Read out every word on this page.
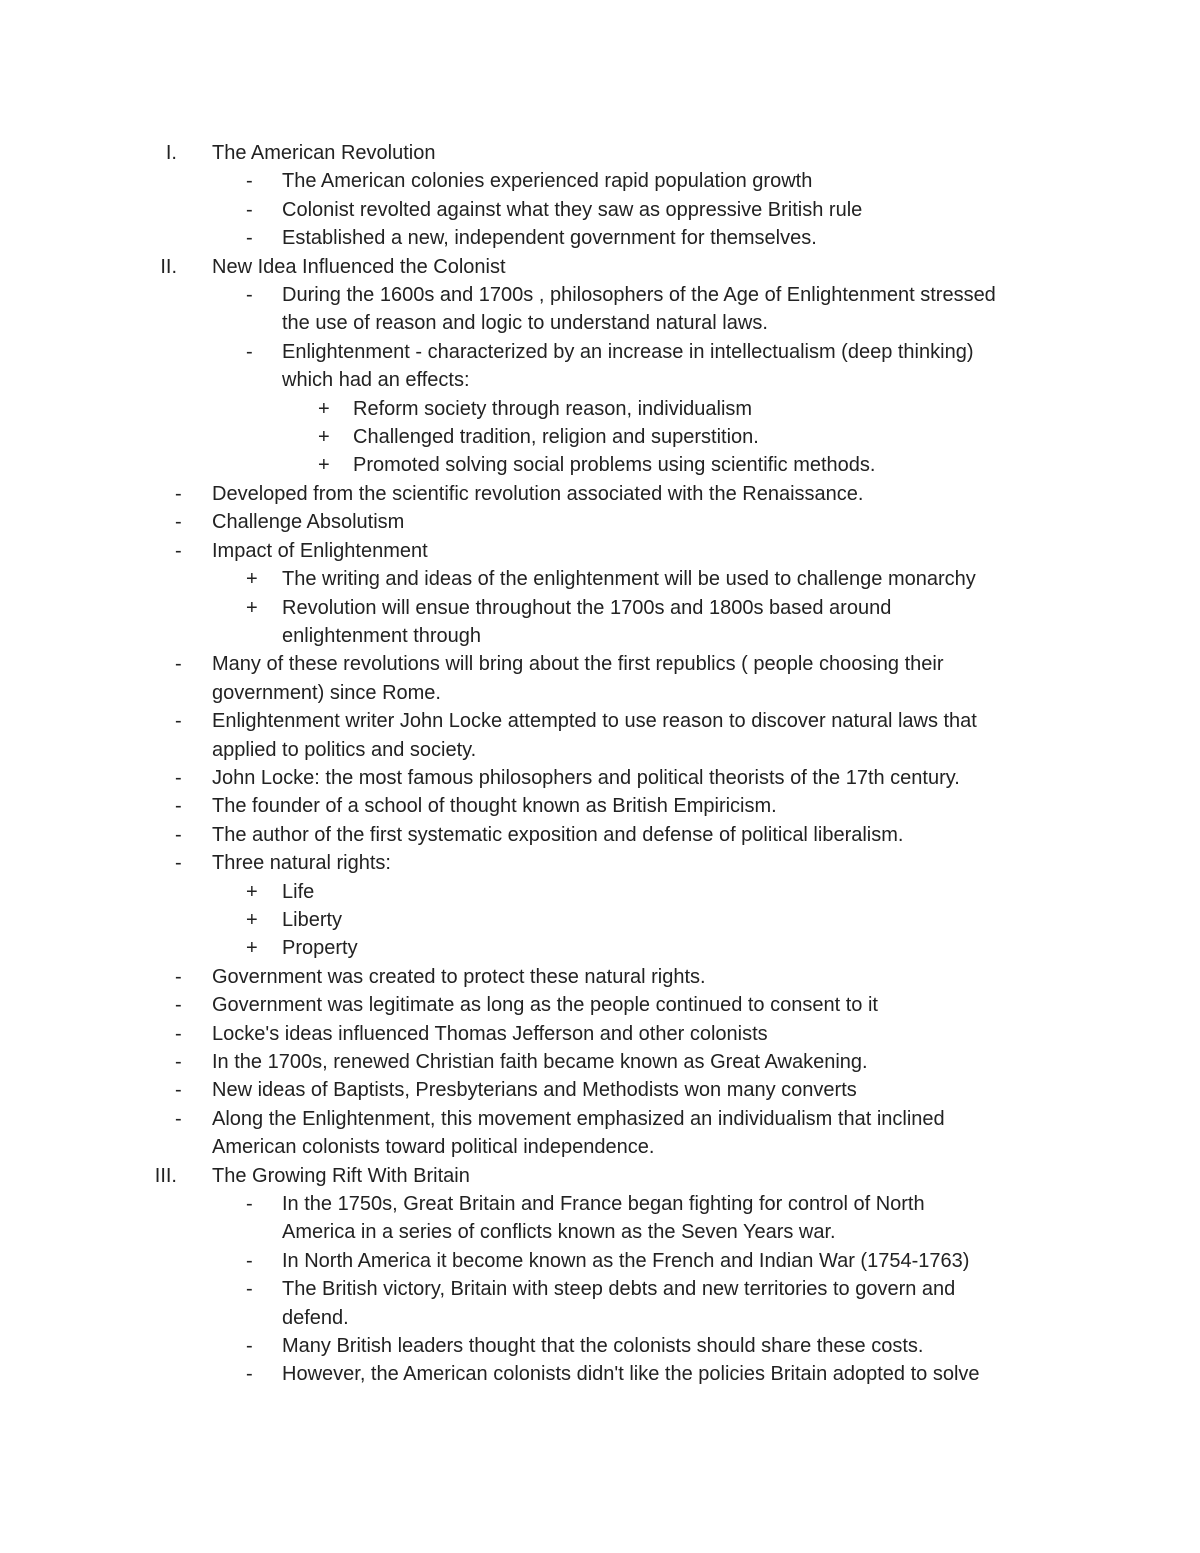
I. The American Revolution
- The American colonies experienced rapid population growth
- Colonist revolted against what they saw as oppressive British rule
- Established a new, independent government for themselves.
II. New Idea Influenced the Colonist
- During the 1600s and 1700s , philosophers of the Age of Enlightenment stressed
the use of reason and logic to understand natural laws.
- Enlightenment - characterized by an increase in intellectualism (deep thinking)
which had an effects:
+ Reform society through reason, individualism
+ Challenged tradition, religion and superstition.
+ Promoted solving social problems using scientific methods.
- Developed from the scientific revolution associated with the Renaissance.
- Challenge Absolutism
- Impact of Enlightenment
+ The writing and ideas of the enlightenment will be used to challenge monarchy
+ Revolution will ensue throughout the 1700s and 1800s based around
enlightenment through
- Many of these revolutions will bring about the first republics ( people choosing their
government) since Rome.
- Enlightenment writer John Locke attempted to use reason to discover natural laws that
applied to politics and society.
- John Locke: the most famous philosophers and political theorists of the 17th century.
- The founder of a school of thought known as British Empiricism.
- The author of the first systematic exposition and defense of political liberalism.
- Three natural rights:
+ Life
+ Liberty
+ Property
- Government was created to protect these natural rights.
- Government was legitimate as long as the people continued to consent to it
- Locke's ideas influenced Thomas Jefferson and other colonists
- In the 1700s, renewed Christian faith became known as Great Awakening.
- New ideas of Baptists, Presbyterians and Methodists won many converts
- Along the Enlightenment, this movement emphasized an individualism that inclined
American colonists toward political independence.
III. The Growing Rift With Britain
- In the 1750s, Great Britain and France began fighting for control of North
America in a series of conflicts known as the Seven Years war.
- In North America it become known as the French and Indian War (1754-1763)
- The British victory, Britain with steep debts and new territories to govern and
defend.
- Many British leaders thought that the colonists should share these costs.
- However, the American colonists didn't like the policies Britain adopted to solve
